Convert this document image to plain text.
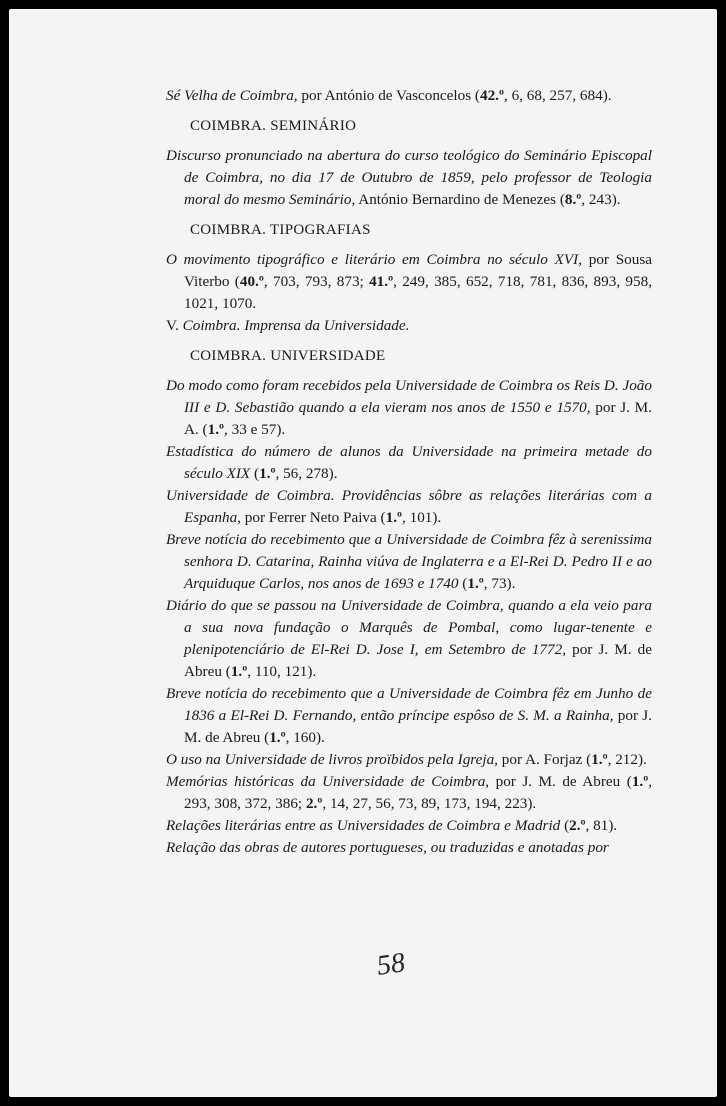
Sé Velha de Coimbra, por António de Vasconcelos (42.º, 6, 68, 257, 684).

COIMBRA. SEMINÁRIO

Discurso pronunciado na abertura do curso teológico do Seminário Episcopal de Coimbra, no dia 17 de Outubro de 1859, pelo professor de Teologia moral do mesmo Seminário, António Bernardino de Menezes (8.º, 243).

COIMBRA. TIPOGRAFIAS

O movimento tipográfico e literário em Coimbra no século XVI, por Sousa Viterbo (40.º, 703, 793, 873; 41.º, 249, 385, 652, 718, 781, 836, 893, 958, 1021, 1070.

V. Coimbra. Imprensa da Universidade.

COIMBRA. UNIVERSIDADE

Do modo como foram recebidos pela Universidade de Coimbra os Reis D. João III e D. Sebastião quando a ela vieram nos anos de 1550 e 1570, por J. M. A. (1.º, 33 e 57).

Estadística do número de alunos da Universidade na primeira metade do século XIX (1.º, 56, 278).

Universidade de Coimbra. Providências sôbre as relações literárias com a Espanha, por Ferrer Neto Paiva (1.º, 101).

Breve notícia do recebimento que a Universidade de Coimbra fêz à serenissima senhora D. Catarina, Rainha viúva de Inglaterra e a El-Rei D. Pedro II e ao Arquiduque Carlos, nos anos de 1693 e 1740 (1.º, 73).

Diário do que se passou na Universidade de Coimbra, quando a ela veio para a sua nova fundação o Marquês de Pombal, como lugar-tenente e plenipotenciário de El-Rei D. Jose I, em Setembro de 1772, por J. M. de Abreu (1.º, 110, 121).

Breve notícia do recebimento que a Universidade de Coimbra fêz em Junho de 1836 a El-Rei D. Fernando, então príncipe espôso de S. M. a Rainha, por J. M. de Abreu (1.º, 160).

O uso na Universidade de livros proïbidos pela Igreja, por A. Forjaz (1.º, 212).

Memórias históricas da Universidade de Coimbra, por J. M. de Abreu (1.º, 293, 308, 372, 386; 2.º, 14, 27, 56, 73, 89, 173, 194, 223).

Relações literárias entre as Universidades de Coimbra e Madrid (2.º, 81).

Relação das obras de autores portugueses, ou traduzidas e anotadas por

58
